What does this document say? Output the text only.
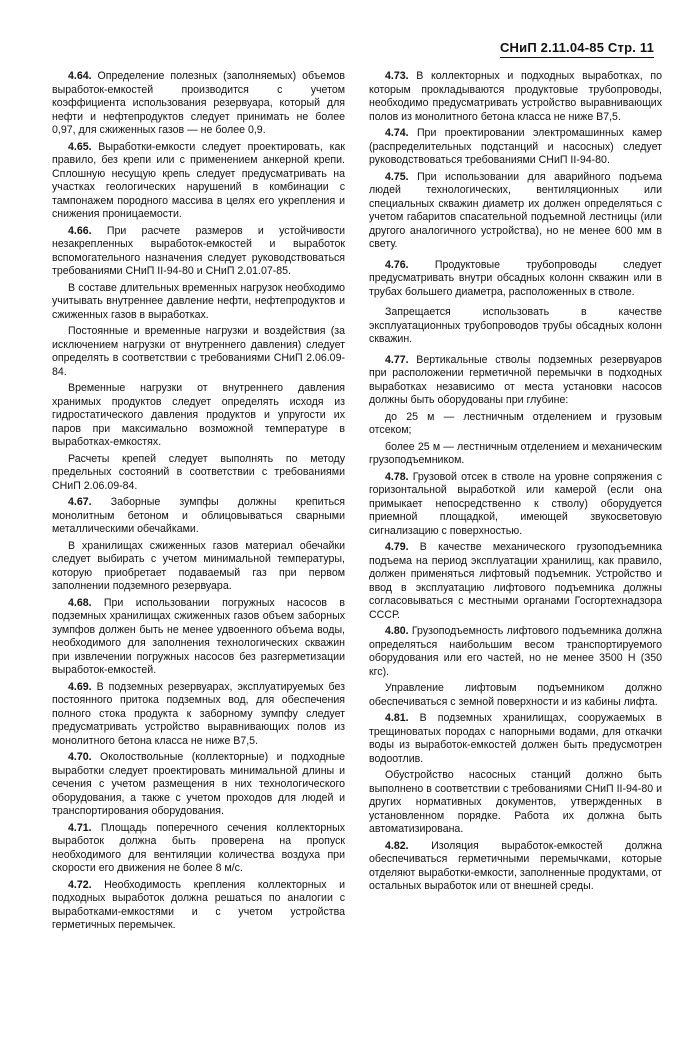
СНиП 2.11.04-85 Стр. 11

4.64. Определение полезных (заполняемых) объемов выработок-емкостей производится с учетом коэффициента использования резервуара, который для нефти и нефтепродуктов следует принимать не более 0,97, для сжиженных газов — не более 0,9.

4.65. Выработки-емкости следует проектировать, как правило, без крепи или с применением анкерной крепи. Сплошную несущую крепь следует предусматривать на участках геологических нарушений в комбинации с тампонажем породного массива в целях его укрепления и снижения проницаемости.

4.66. При расчете размеров и устойчивости незакрепленных выработок-емкостей и выработок вспомогательного назначения следует руководствоваться требованиями СНиП II-94-80 и СНиП 2.01.07-85.

В составе длительных временных нагрузок необходимо учитывать внутреннее давление нефти, нефтепродуктов и сжиженных газов в выработках.

Постоянные и временные нагрузки и воздействия (за исключением нагрузки от внутреннего давления) следует определять в соответствии с требованиями СНиП 2.06.09-84.

Временные нагрузки от внутреннего давления хранимых продуктов следует определять исходя из гидростатического давления продуктов и упругости их паров при максимально возможной температуре в выработках-емкостях.

Расчеты крепей следует выполнять по методу предельных состояний в соответствии с требованиями СНиП 2.06.09-84.

4.67. Заборные зумпфы должны крепиться монолитным бетоном и облицовываться сварными металлическими обечайками.

В хранилищах сжиженных газов материал обечайки следует выбирать с учетом минимальной температуры, которую приобретает подаваемый газ при первом заполнении подземного резервуара.

4.68. При использовании погружных насосов в подземных хранилищах сжиженных газов объем заборных зумпфов должен быть не менее удвоенного объема воды, необходимого для заполнения технологических скважин при извлечении погружных насосов без разгерметизации выработок-емкостей.

4.69. В подземных резервуарах, эксплуатируемых без постоянного притока подземных вод, для обеспечения полного стока продукта к заборному зумпфу следует предусматривать устройство выравнивающих полов из монолитного бетона класса не ниже В7,5.

4.70. Околоствольные (коллекторные) и подходные выработки следует проектировать минимальной длины и сечения с учетом размещения в них технологического оборудования, а также с учетом проходов для людей и транспортирования оборудования.

4.71. Площадь поперечного сечения коллекторных выработок должна быть проверена на пропуск необходимого для вентиляции количества воздуха при скорости его движения не более 8 м/с.

4.72. Необходимость крепления коллекторных и подходных выработок должна решаться по аналогии с выработками-емкостями и с учетом устройства герметичных перемычек.

4.73. В коллекторных и подходных выработках, по которым прокладываются продуктовые трубопроводы, необходимо предусматривать устройство выравнивающих полов из монолитного бетона класса не ниже В7,5.

4.74. При проектировании электромашинных камер (распределительных подстанций и насосных) следует руководствоваться требованиями СНиП II-94-80.

4.75. При использовании для аварийного подъема людей технологических, вентиляционных или специальных скважин диаметр их должен определяться с учетом габаритов спасательной подъемной лестницы (или другого аналогичного устройства), но не менее 600 мм в свету.

4.76. Продуктовые трубопроводы следует предусматривать внутри обсадных колонн скважин или в трубах большего диаметра, расположенных в стволе.

Запрещается использовать в качестве эксплуатационных трубопроводов трубы обсадных колонн скважин.

4.77. Вертикальные стволы подземных резервуаров при расположении герметичной перемычки в подходных выработках независимо от места установки насосов должны быть оборудованы при глубине:

до 25 м — лестничным отделением и грузовым отсеком;

более 25 м — лестничным отделением и механическим грузоподъемником.

4.78. Грузовой отсек в стволе на уровне сопряжения с горизонтальной выработкой или камерой (если она примыкает непосредственно к стволу) оборудуется приемной площадкой, имеющей звукосветовую сигнализацию с поверхностью.

4.79. В качестве механического грузоподъемника подъема на период эксплуатации хранилищ, как правило, должен применяться лифтовый подъемник. Устройство и ввод в эксплуатацию лифтового подъемника должны согласовываться с местными органами Госгортехнадзора СССР.

4.80. Грузоподъемность лифтового подъемника должна определяться наибольшим весом транспортируемого оборудования или его частей, но не менее 3500 Н (350 кгс).

Управление лифтовым подъемником должно обеспечиваться с земной поверхности и из кабины лифта.

4.81. В подземных хранилищах, сооружаемых в трещиноватых породах с напорными водами, для откачки воды из выработок-емкостей должен быть предусмотрен водоотлив.

Обустройство насосных станций должно быть выполнено в соответствии с требованиями СНиП II-94-80 и других нормативных документов, утвержденных в установленном порядке. Работа их должна быть автоматизирована.

4.82. Изоляция выработок-емкостей должна обеспечиваться герметичными перемычками, которые отделяют выработки-емкости, заполненные продуктами, от остальных выработок или от внешней среды.
